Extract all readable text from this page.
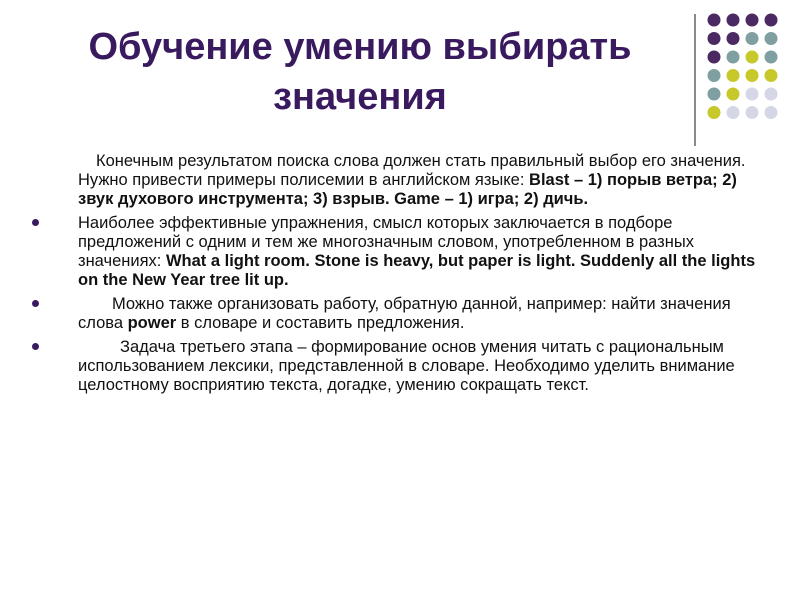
Обучение умению выбирать
значения
Конечным результатом поиска слова должен стать правильный выбор его значения. Нужно привести примеры полисемии в английском языке: Blast – 1) порыв ветра; 2) звук духового инструмента; 3) взрыв. Game – 1) игра; 2) дичь.
Наиболее эффективные упражнения, смысл которых заключается в подборе предложений с одним и тем же многозначным словом, употребленном в разных значениях: What a light room. Stone is heavy, but paper is light. Suddenly all the lights on the New Year tree lit up.
Можно также организовать работу, обратную данной, например: найти значения слова power в словаре и составить предложения.
Задача третьего этапа – формирование основ умения читать с рациональным использованием лексики, представленной в словаре. Необходимо уделить внимание целостному восприятию текста, догадке, умению сокращать текст.
